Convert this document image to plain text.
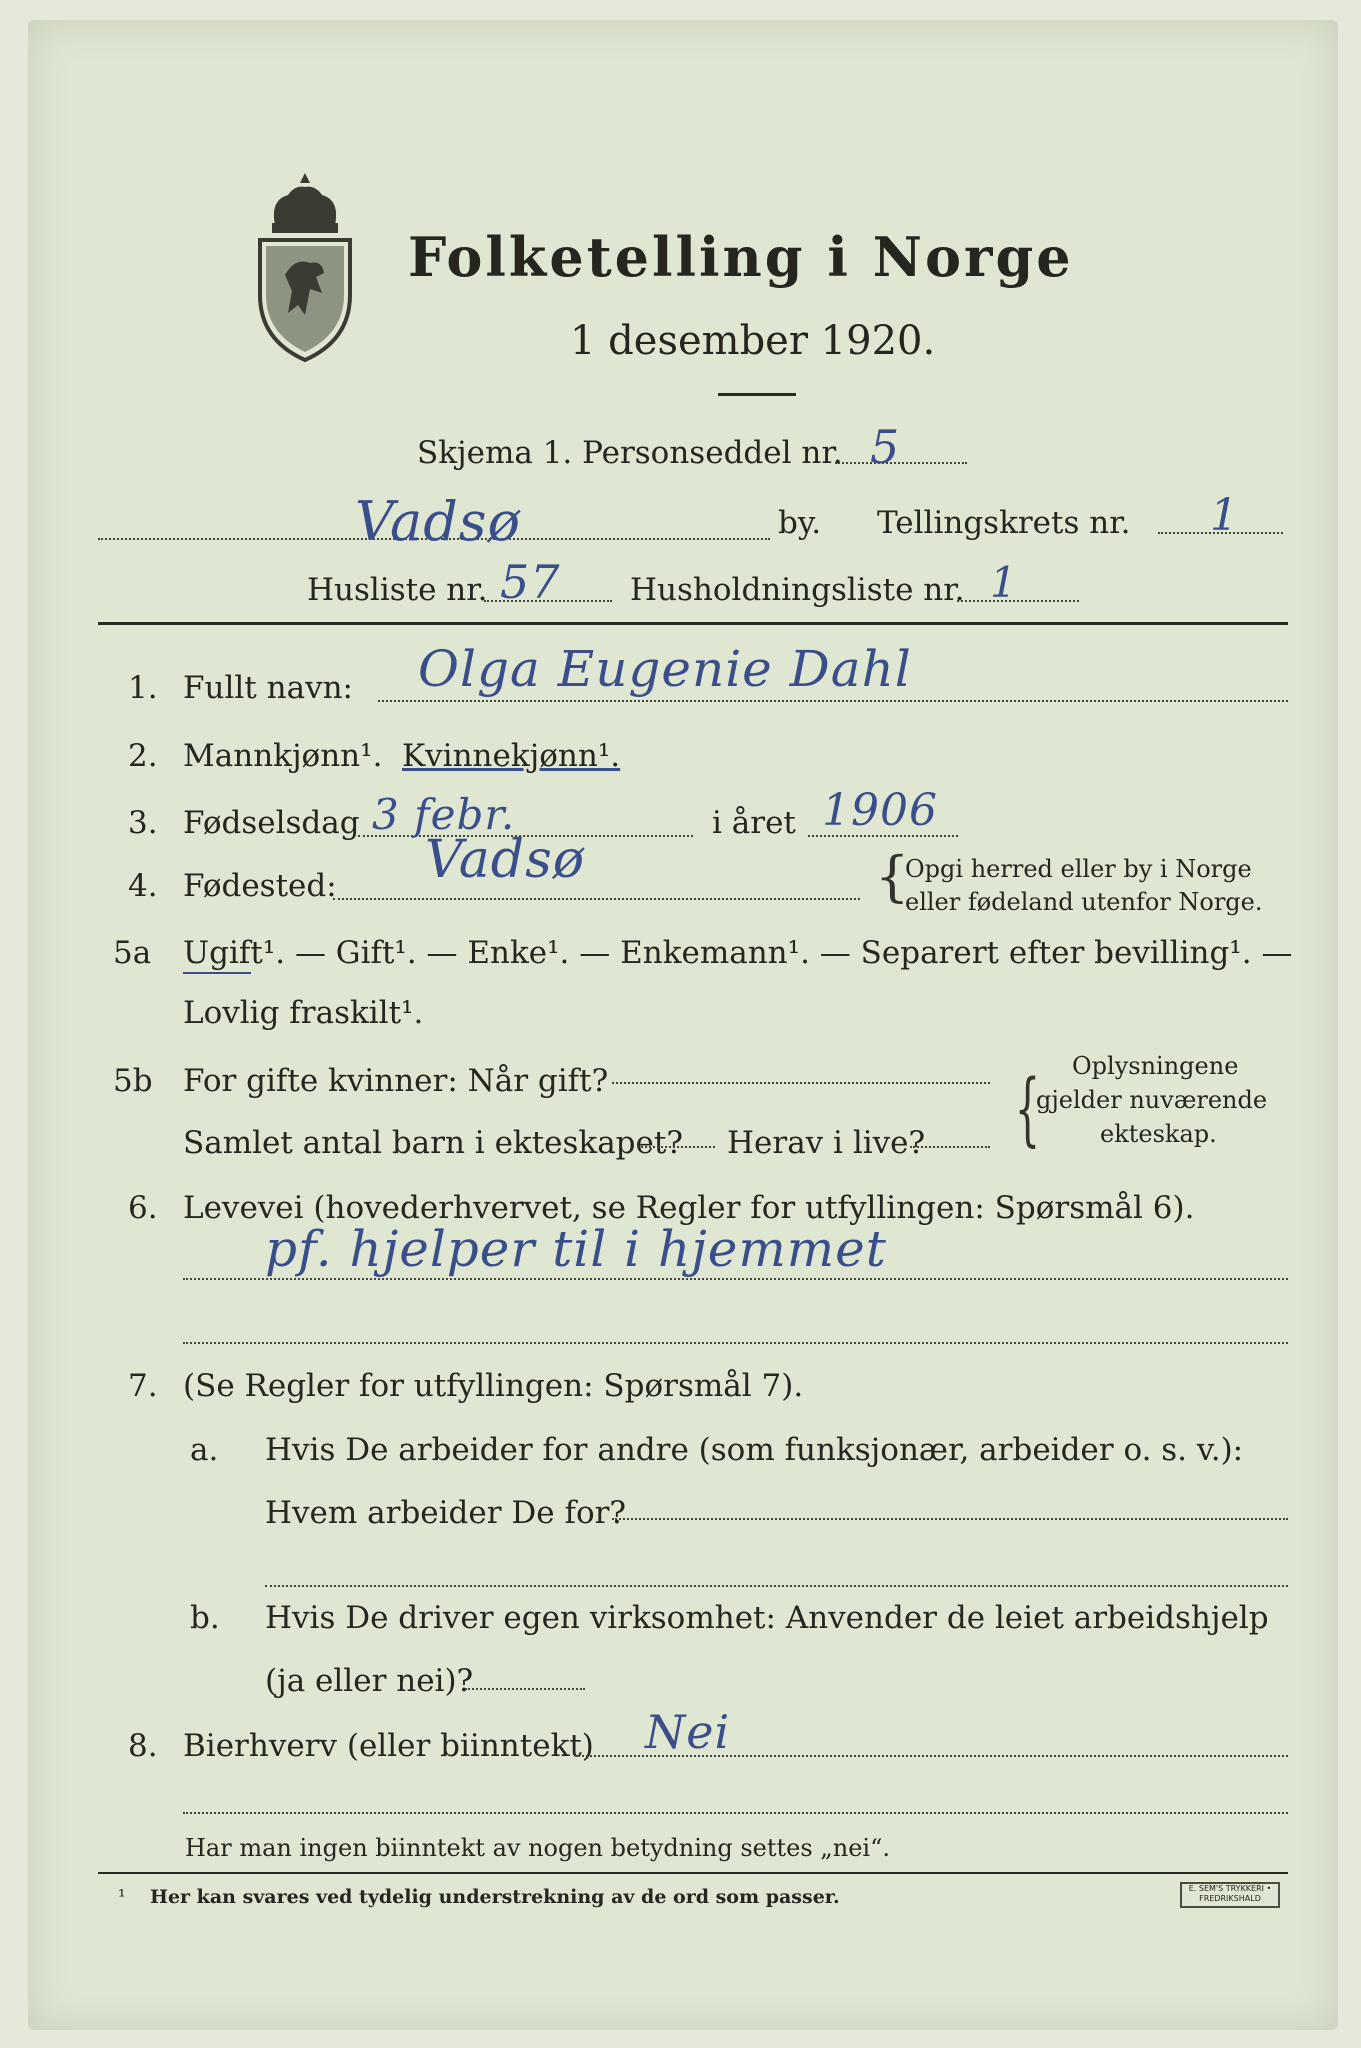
Folketelling i Norge
1 desember 1920.
Skjema 1. Personseddel nr. 5
Vadsø	by. Tellingskrets nr. 1
Husliste nr. 57 Husholdningsliste nr. 1
1. Fullt navn: Olga Eugenie Dahl
2. Mannkjønn¹. Kvinnekjønn¹.
3. Fødselsdag 3 febr.	i året 1906
4. Fødested: Vadsø	{
Opgi herred eller by i Norge
eller fødeland utenfor Norge.
5a Ugift¹. — Gift¹. — Enke¹. — Enkemann¹. — Separert efter bevilling¹. —
Lovlig fraskilt¹.
5b For gifte kvinner: Når gift?
Samlet antal barn i ekteskapet? Herav i live? { Oplysningene
gjelder nuværende
ekteskap.
6. Levevei (hovederhvervet, se Regler for utfyllingen: Spørsmål 6).
pf. hjelper til i hjemmet
7. (Se Regler for utfyllingen: Spørsmål 7).
a. Hvis De arbeider for andre (som funksjonær, arbeider o. s. v.):
Hvem arbeider De for?
b. Hvis De driver egen virksomhet: Anvender de leiet arbeidshjelp
(ja eller nei)?
8. Bierhverv (eller biinntekt) Nei
Har man ingen biinntekt av nogen betydning settes „nei“.
¹ Her kan svares ved tydelig understrekning av de ord som passer.	E. SEM'S TRYKKERI • FREDRIKSHALD
